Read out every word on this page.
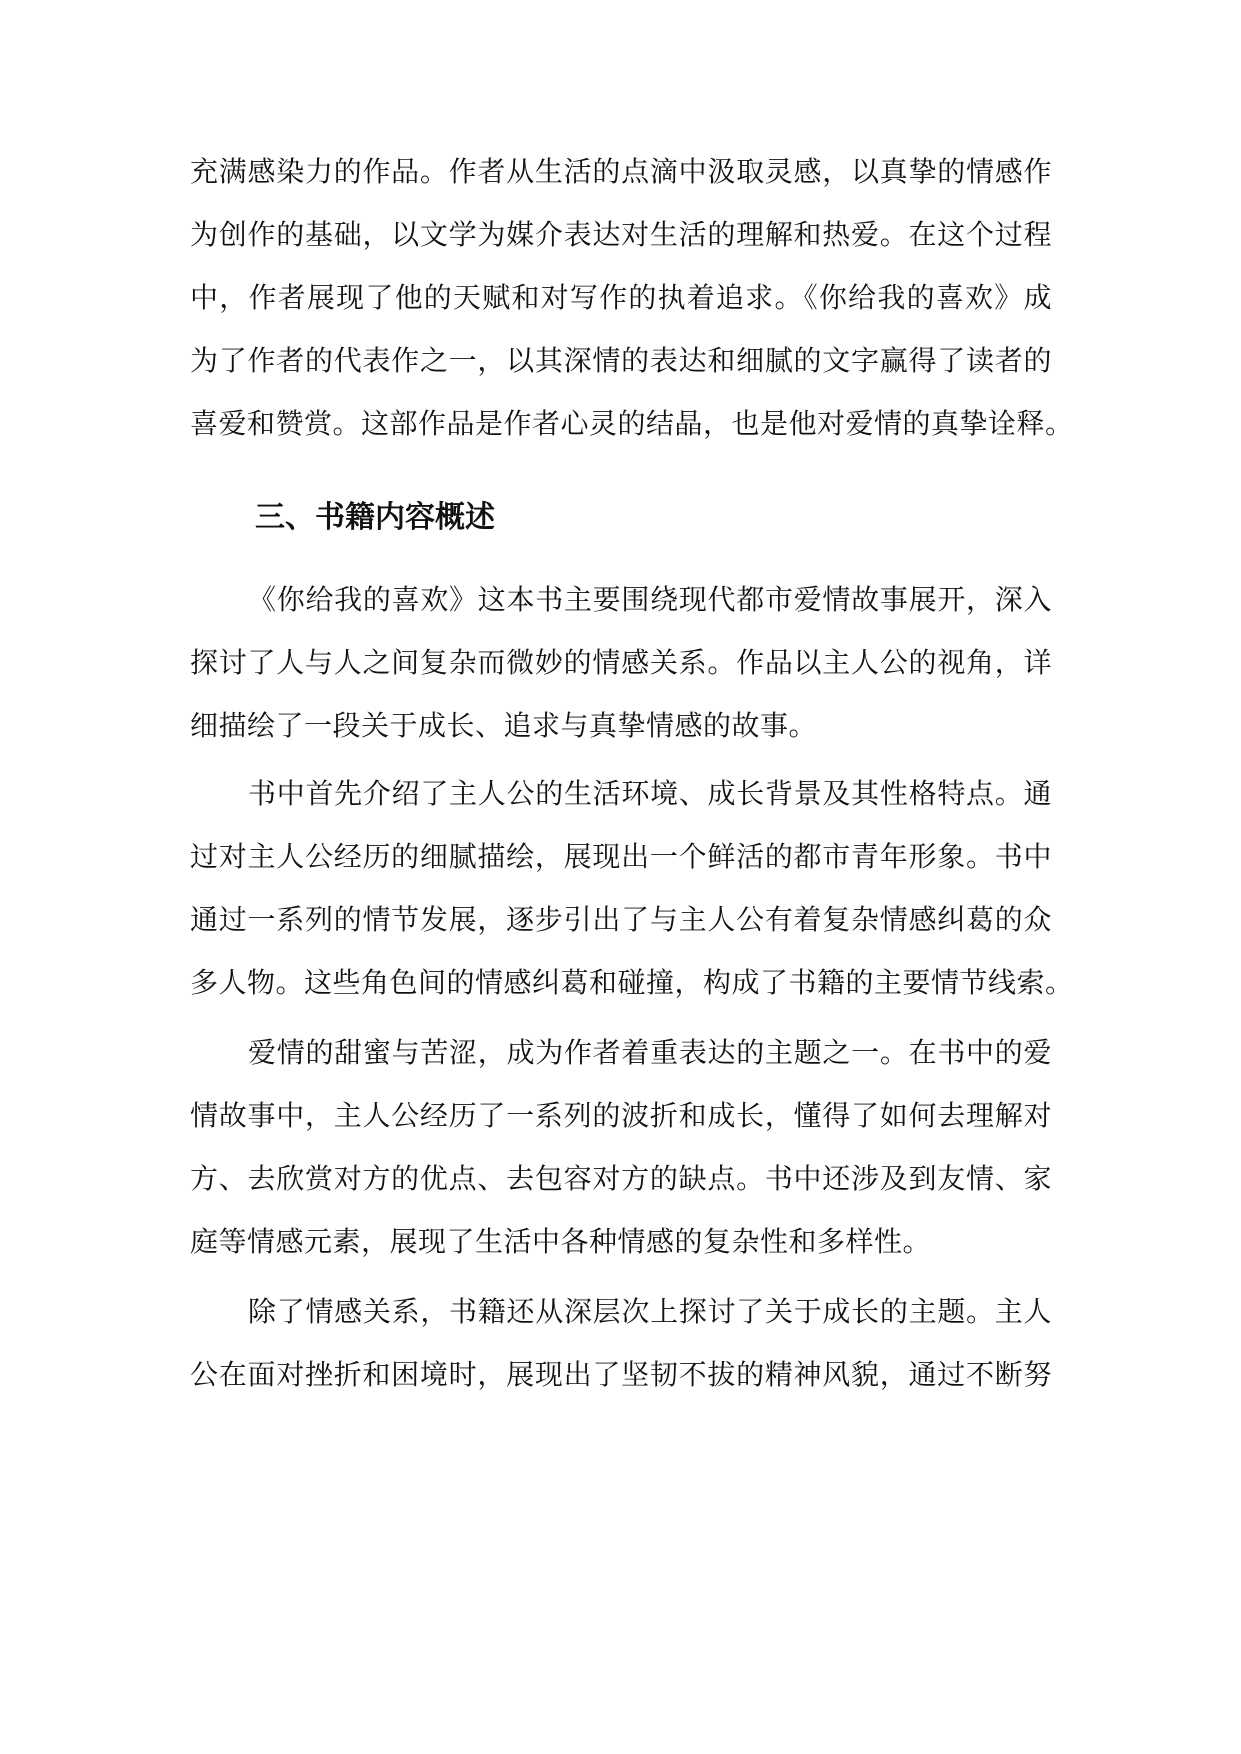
充满感染力的作品。作者从生活的点滴中汲取灵感，以真挚的情感作
为创作的基础，以文学为媒介表达对生活的理解和热爱。在这个过程
中，作者展现了他的天赋和对写作的执着追求。《你给我的喜欢》成
为了作者的代表作之一，以其深情的表达和细腻的文字赢得了读者的
喜爱和赞赏。这部作品是作者心灵的结晶，也是他对爱情的真挚诠释。
三、书籍内容概述
《你给我的喜欢》这本书主要围绕现代都市爱情故事展开，深入
探讨了人与人之间复杂而微妙的情感关系。作品以主人公的视角，详
细描绘了一段关于成长、追求与真挚情感的故事。
书中首先介绍了主人公的生活环境、成长背景及其性格特点。通
过对主人公经历的细腻描绘，展现出一个鲜活的都市青年形象。书中
通过一系列的情节发展，逐步引出了与主人公有着复杂情感纠葛的众
多人物。这些角色间的情感纠葛和碰撞，构成了书籍的主要情节线索。
爱情的甜蜜与苦涩，成为作者着重表达的主题之一。在书中的爱
情故事中，主人公经历了一系列的波折和成长，懂得了如何去理解对
方、去欣赏对方的优点、去包容对方的缺点。书中还涉及到友情、家
庭等情感元素，展现了生活中各种情感的复杂性和多样性。
除了情感关系，书籍还从深层次上探讨了关于成长的主题。主人
公在面对挫折和困境时，展现出了坚韧不拔的精神风貌，通过不断努
